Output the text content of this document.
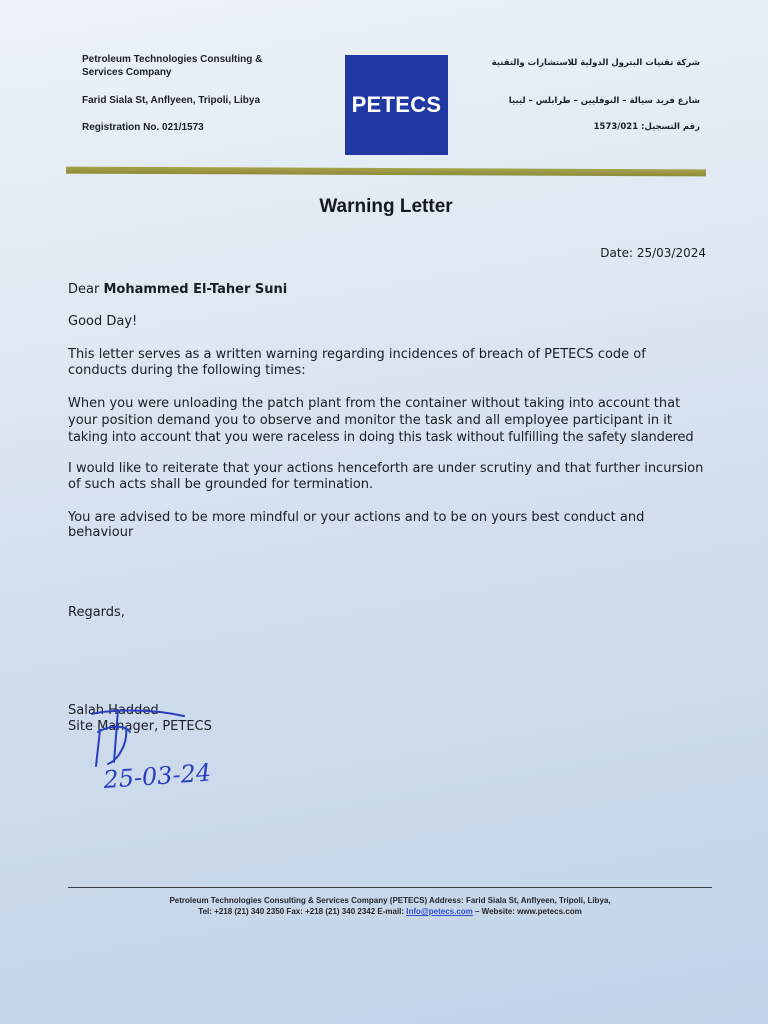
Petroleum Technologies Consulting &
Services Company
Farid Siala St, Anflyeen, Tripoli, Libya
Registration No. 021/1573
PETECS
شركة تقنيات البترول الدولية للاستشارات والتقنية
شارع فريد سيالة – النوفليين – طرابلس – ليبيا
رقم التسجيل: 1573/021
Warning Letter
Date: 25/03/2024
Dear Mohammed El-Taher Suni
Good Day!
This letter serves as a written warning regarding incidences of breach of PETECS code of
conducts during the following times:
When you were unloading the patch plant from the container without taking into account that
your position demand you to observe and monitor the task and all employee participant in it
taking into account that you were raceless in doing this task without fulfilling the safety slandered
I would like to reiterate that your actions henceforth are under scrutiny and that further incursion
of such acts shall be grounded for termination.
You are advised to be more mindful or your actions and to be on yours best conduct and
behaviour
Regards,
Salah Hadded
Site Manager, PETECS
25-03-24
Petroleum Technologies Consulting & Services Company (PETECS) Address: Farid Siala St, Anflyeen, Tripoli, Libya,
Tel: +218 (21) 340 2350 Fax: +218 (21) 340 2342 E-mail: Info@petecs.com – Website: www.petecs.com
